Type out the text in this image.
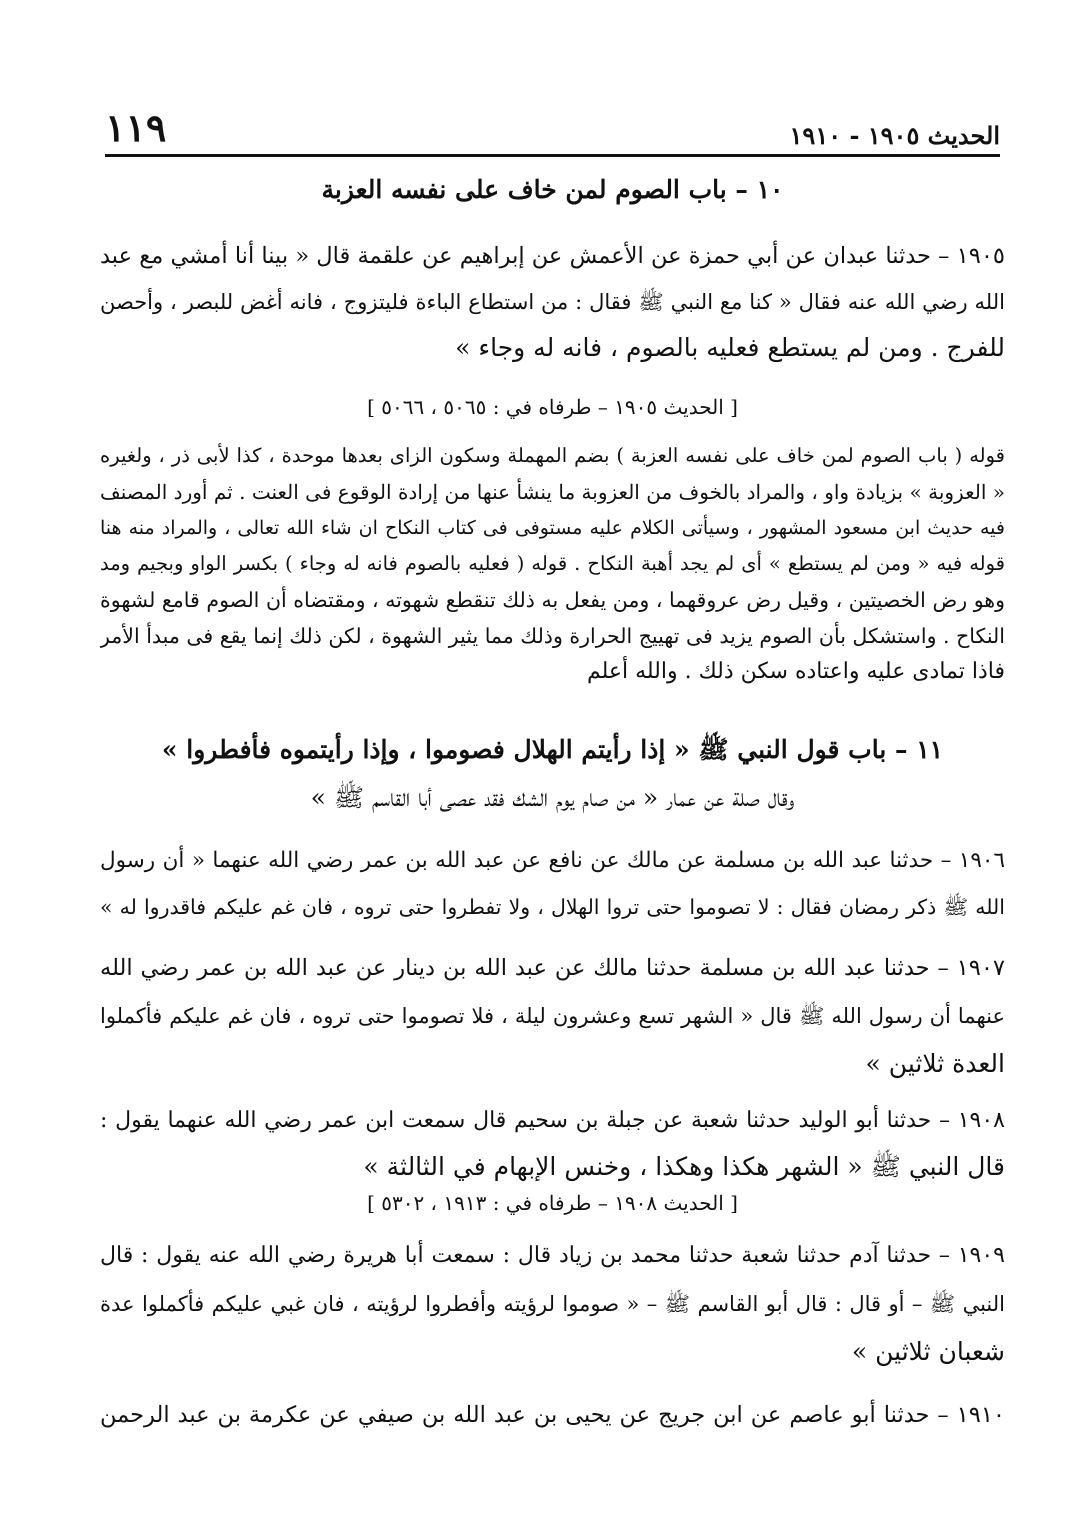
الحديث ١٩٠٥ - ١٩١٠
١١٩
١٠ – باب الصوم لمن خاف على نفسه العزبة
١٩٠٥ – حدثنا عبدان عن أبي حمزة عن الأعمش عن إبراهيم عن علقمة قال « بينا أنا أمشي مع عبد
الله رضي الله عنه فقال « كنا مع النبي ﷺ فقال : من استطاع الباءة فليتزوج ، فانه أغض للبصر ، وأحصن
للفرج . ومن لم يستطع فعليه بالصوم ، فانه له وجاء »
[ الحديث ١٩٠٥ – طرفاه في : ٥٠٦٥ ، ٥٠٦٦ ]
قوله ( باب الصوم لمن خاف على نفسه العزبة ) بضم المهملة وسكون الزاى بعدها موحدة ، كذا لأبى ذر ، ولغيره
« العزوبة » بزيادة واو ، والمراد بالخوف من العزوبة ما ينشأ عنها من إرادة الوقوع فى العنت . ثم أورد المصنف
فيه حديث ابن مسعود المشهور ، وسيأتى الكلام عليه مستوفى فى كتاب النكاح ان شاء الله تعالى ، والمراد منه هنا
قوله فيه « ومن لم يستطع » أى لم يجد أهبة النكاح . قوله ( فعليه بالصوم فانه له وجاء ) بكسر الواو وبجيم ومد
وهو رض الخصيتين ، وقيل رض عروقهما ، ومن يفعل به ذلك تنقطع شهوته ، ومقتضاه أن الصوم قامع لشهوة
النكاح . واستشكل بأن الصوم يزيد فى تهييج الحرارة وذلك مما يثير الشهوة ، لكن ذلك إنما يقع فى مبدأ الأمر
فاذا تمادى عليه واعتاده سكن ذلك . والله أعلم
١١ – باب قول النبي ﷺ « إذا رأيتم الهلال فصوموا ، وإذا رأيتموه فأفطروا »
وقال صلة عن عمار « من صام يوم الشك فقد عصى أبا القاسم ﷺ »
١٩٠٦ – حدثنا عبد الله بن مسلمة عن مالك عن نافع عن عبد الله بن عمر رضي الله عنهما « أن رسول
الله ﷺ ذكر رمضان فقال : لا تصوموا حتى تروا الهلال ، ولا تفطروا حتى تروه ، فان غم عليكم فاقدروا له »
١٩٠٧ – حدثنا عبد الله بن مسلمة حدثنا مالك عن عبد الله بن دينار عن عبد الله بن عمر رضي الله
عنهما أن رسول الله ﷺ قال « الشهر تسع وعشرون ليلة ، فلا تصوموا حتى تروه ، فان غم عليكم فأكملوا
العدة ثلاثين »
١٩٠٨ – حدثنا أبو الوليد حدثنا شعبة عن جبلة بن سحيم قال سمعت ابن عمر رضي الله عنهما يقول :
قال النبي ﷺ « الشهر هكذا وهكذا ، وخنس الإبهام في الثالثة »
[ الحديث ١٩٠٨ – طرفاه في : ١٩١٣ ، ٥٣٠٢ ]
١٩٠٩ – حدثنا آدم حدثنا شعبة حدثنا محمد بن زياد قال : سمعت أبا هريرة رضي الله عنه يقول : قال
النبي ﷺ – أو قال : قال أبو القاسم ﷺ – « صوموا لرؤيته وأفطروا لرؤيته ، فان غبي عليكم فأكملوا عدة
شعبان ثلاثين »
١٩١٠ – حدثنا أبو عاصم عن ابن جريج عن يحيى بن عبد الله بن صيفي عن عكرمة بن عبد الرحمن
